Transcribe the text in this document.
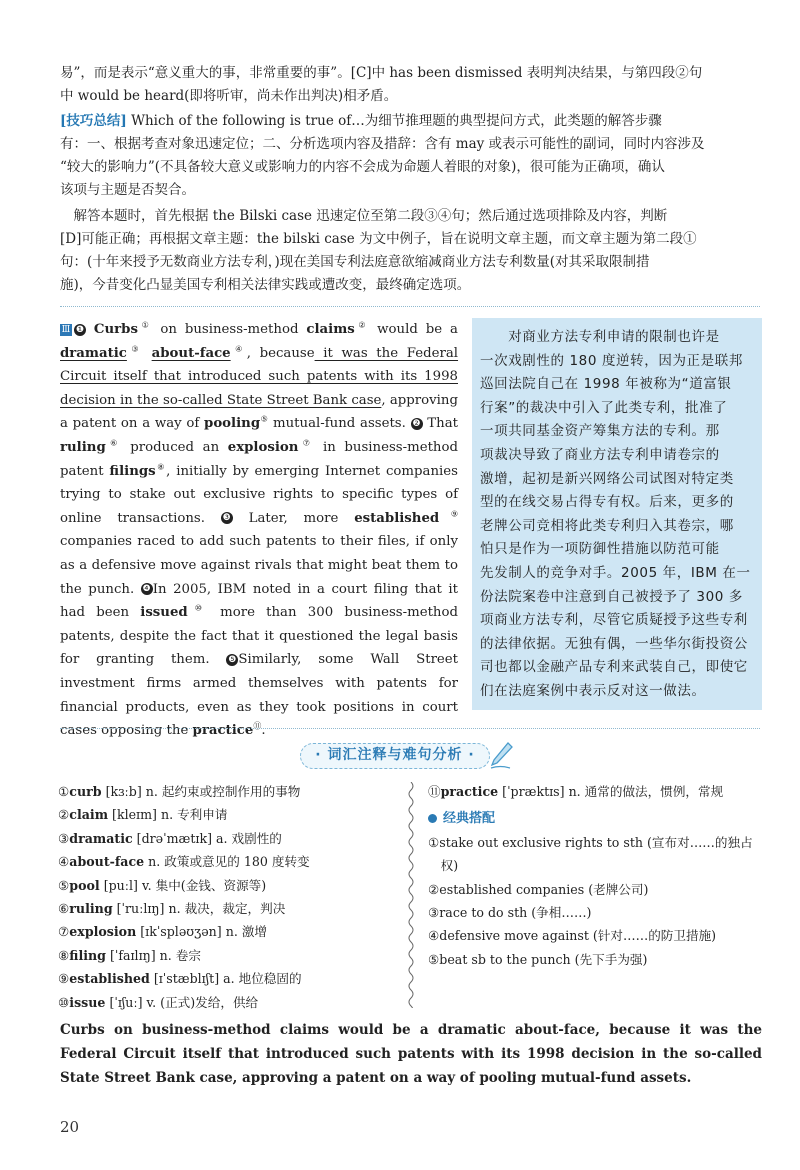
易”，而是表示“意义重大的事，非常重要的事”。[C]中 has been dismissed 表明判决结果，与第四段②句
中 would be heard(即将听审，尚未作出判决)相矛盾。
[技巧总结] Which of the following is true of…为细节推理题的典型提问方式，此类题的解答步骤
有：一、根据考查对象迅速定位；二、分析选项内容及措辞：含有 may 或表示可能性的副词，同时内容涉及
“较大的影响力”(不具备较大意义或影响力的内容不会成为命题人着眼的对象)，很可能为正确项，确认
该项与主题是否契合。
　解答本题时，首先根据 the Bilski case 迅速定位至第二段③④句；然后通过选项排除及内容，判断
[D]可能正确；再根据文章主题：the bilski case 为文中例子，旨在说明文章主题，而文章主题为第二段①
句：(十年来授予无数商业方法专利，)现在美国专利法庭意欲缩减商业方法专利数量(对其采取限制措
施)，今昔变化凸显美国专利相关法律实践或遭改变，最终确定选项。

Ⅲ ❶ Curbs① on business-method claims② would be a dramatic③ about-face④, because it was the Federal Circuit itself that introduced such patents with its 1998 decision in the so-called State Street Bank case, approving a patent on a way of pooling⑤ mutual-fund assets. ❷ That ruling⑥ produced an explosion⑦ in business-method patent filings⑧, initially by emerging Internet companies trying to stake out exclusive rights to specific types of online transactions. ❸ Later, more established⑨ companies raced to add such patents to their files, if only as a defensive move against rivals that might beat them to the punch. ❹ In 2005, IBM noted in a court filing that it had been issued⑩ more than 300 business-method patents, despite the fact that it questioned the legal basis for granting them. ❺ Similarly, some Wall Street investment firms armed themselves with patents for financial products, even as they took positions in court cases opposing the practice⑪.

　　对商业方法专利申请的限制也许是
一次戏剧性的 180 度逆转，因为正是联邦
巡回法院自己在 1998 年被称为“道富银
行案”的裁决中引入了此类专利，批准了
一项共同基金资产筹集方法的专利。那
项裁决导致了商业方法专利申请卷宗的
激增，起初是新兴网络公司试图对特定类
型的在线交易占得专有权。后来，更多的
老牌公司竞相将此类专利归入其卷宗，哪
怕只是作为一项防御性措施以防范可能
先发制人的竞争对手。2005 年，IBM 在一
份法院案卷中注意到自己被授予了 300 多
项商业方法专利，尽管它质疑授予这些专利
的法律依据。无独有偶，一些华尔街投资公
司也都以金融产品专利来武装自己，即使它
们在法庭案例中表示反对这一做法。
· 词汇注释与难句分析 ·
①curb [kɜːb] n. 起约束或控制作用的事物
②claim [kleɪm] n. 专利申请
③dramatic [drəˈmætɪk] a. 戏剧性的
④about-face n. 政策或意见的 180 度转变
⑤pool [puːl] v. 集中(金钱、资源等)
⑥ruling [ˈruːlɪŋ] n. 裁决，裁定，判决
⑦explosion [ɪkˈspləʊʒən] n. 激增
⑧filing [ˈfaɪlɪŋ] n. 卷宗
⑨established [ɪˈstæblɪʃt] a. 地位稳固的
⑩issue [ˈɪʃuː] v. (正式)发给，供给
⑪practice [ˈpræktɪs] n. 通常的做法，惯例，常规
经典搭配
①stake out exclusive rights to sth (宣布对……的独占
　权)
②established companies (老牌公司)
③race to do sth (争相……)
④defensive move against (针对……的防卫措施)
⑤beat sb to the punch (先下手为强)
Curbs on business-method claims would be a dramatic about-face, because it was the Federal Circuit itself that introduced such patents with its 1998 decision in the so-called State Street Bank case, approving a patent on a way of pooling mutual-fund assets.
20
